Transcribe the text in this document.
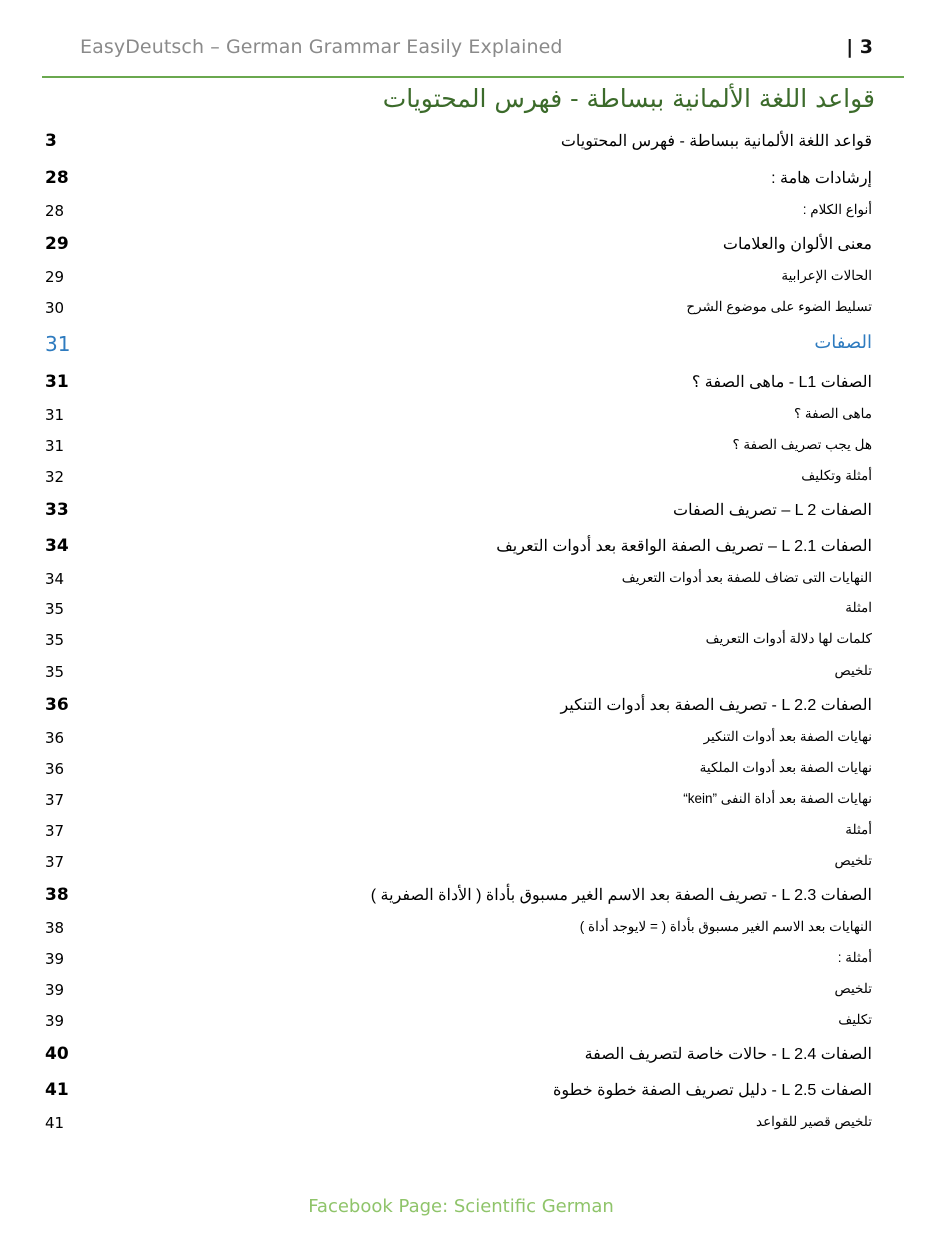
EasyDeutsch – German Grammar Easily Explained	| 3
قواعد اللغة الألمانية ببساطة - فهرس المحتويات
قواعد اللغة الألمانية ببساطة - فهرس المحتويات
3
إرشادات هامة :
28
أنواع الكلام :
28
معنى الألوان والعلامات
29
الحالات الإعرابية
29
تسليط الضوء على موضوع الشرح
30
الصفات
31
الصفات L1 - ماهى الصفة ؟
31
ماهى الصفة ؟
31
هل يجب تصريف الصفة ؟
31
أمثلة وتكليف
32
الصفات L 2 – تصريف الصفات
33
الصفات L 2.1 – تصريف الصفة الواقعة بعد أدوات التعريف
34
النهايات التى تضاف للصفة بعد أدوات التعريف
34
امثلة
35
كلمات لها دلالة أدوات التعريف
35
تلخيص
35
الصفات L 2.2 - تصريف الصفة بعد أدوات التنكير
36
نهايات الصفة بعد أدوات التنكير
36
نهايات الصفة بعد أدوات الملكية
36
نهايات الصفة بعد أداة النفى ”kein“
37
أمثلة
37
تلخيص
37
الصفات L 2.3 - تصريف الصفة بعد الاسم الغير مسبوق بأداة ( الأداة الصفرية )
38
النهايات بعد الاسم الغير مسبوق بأداة ( = لايوجد أداة )
38
أمثلة :
39
تلخيص
39
تكليف
39
الصفات L 2.4 - حالات خاصة لتصريف الصفة
40
الصفات L 2.5 - دليل تصريف الصفة خطوة خطوة
41
تلخيص قصير للقواعد
41
Facebook Page: Scientific German
